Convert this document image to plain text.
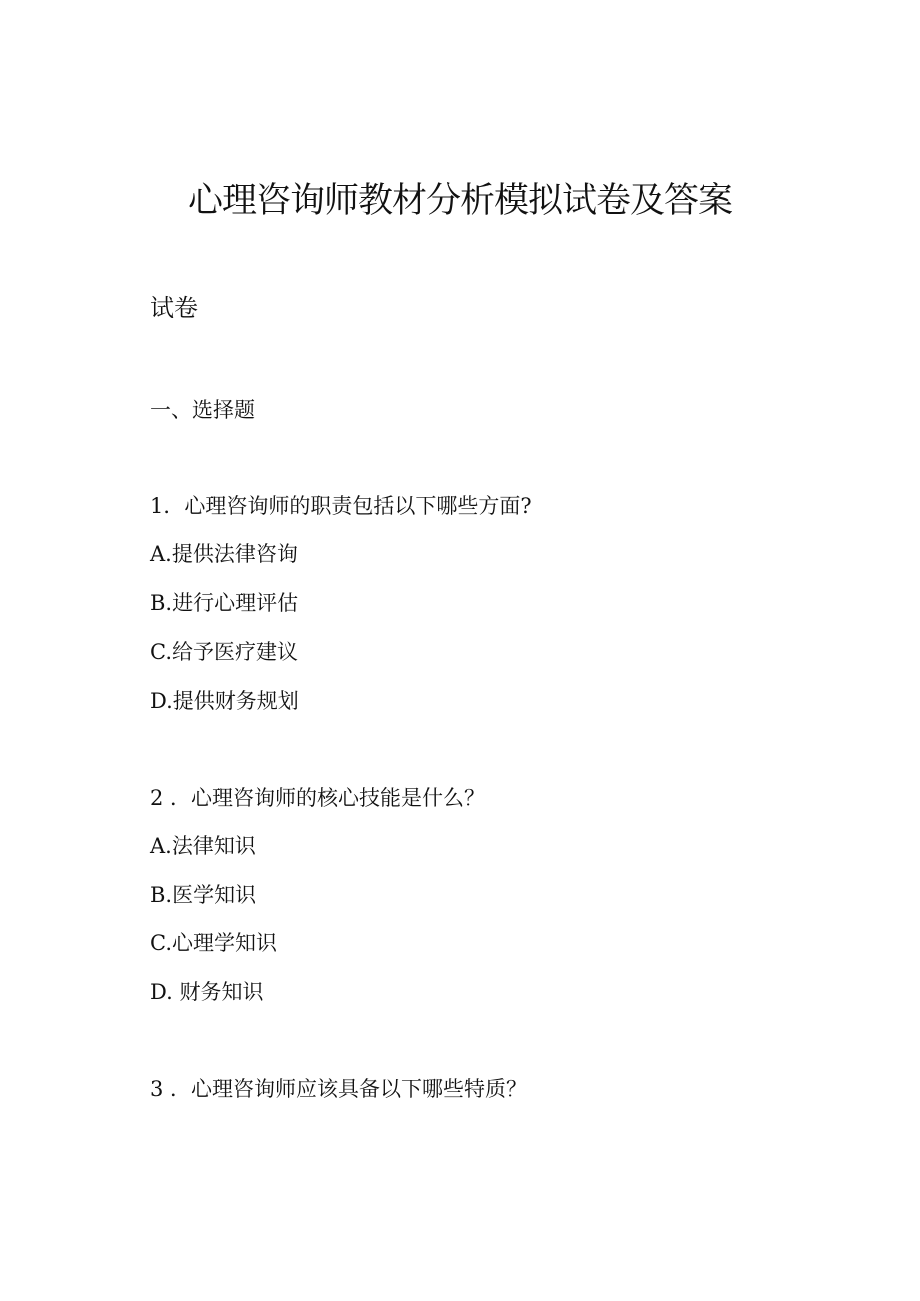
心理咨询师教材分析模拟试卷及答案
试卷
一、选择题
1．心理咨询师的职责包括以下哪些方面?
A.提供法律咨询
B.进行心理评估
C.给予医疗建议
D.提供财务规划
2 ．心理咨询师的核心技能是什么？
A.法律知识
B.医学知识
C.心理学知识
D. 财务知识
3 ．心理咨询师应该具备以下哪些特质？
